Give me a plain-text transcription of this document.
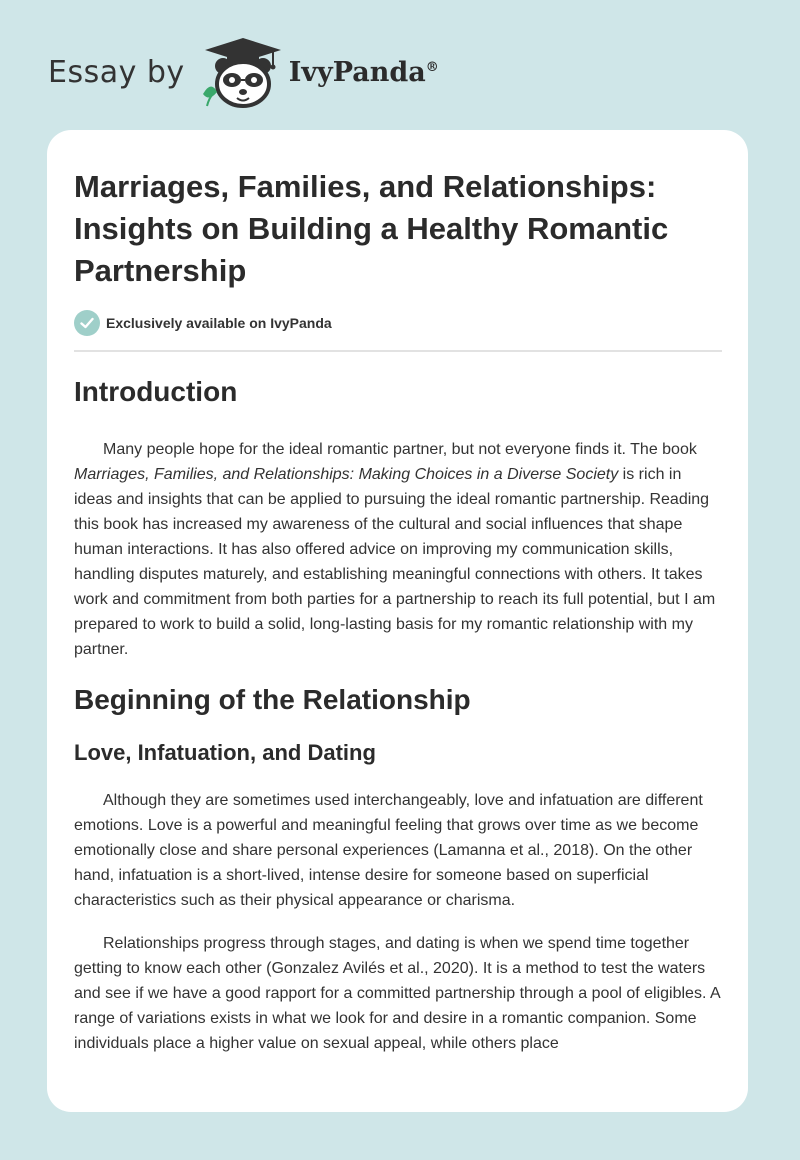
Essay by	IvyPanda®
Marriages, Families, and Relationships: Insights on Building a Healthy Romantic Partnership
Exclusively available on IvyPanda
Introduction

Many people hope for the ideal romantic partner, but not everyone finds it. The book Marriages, Families, and Relationships: Making Choices in a Diverse Society is rich in ideas and insights that can be applied to pursuing the ideal romantic partnership. Reading this book has increased my awareness of the cultural and social influences that shape human interactions. It has also offered advice on improving my communication skills, handling disputes maturely, and establishing meaningful connections with others. It takes work and commitment from both parties for a partnership to reach its full potential, but I am prepared to work to build a solid, long-lasting basis for my romantic relationship with my partner.

Beginning of the Relationship
Love, Infatuation, and Dating

Although they are sometimes used interchangeably, love and infatuation are different emotions. Love is a powerful and meaningful feeling that grows over time as we become emotionally close and share personal experiences (Lamanna et al., 2018). On the other hand, infatuation is a short-lived, intense desire for someone based on superficial characteristics such as their physical appearance or charisma.

Relationships progress through stages, and dating is when we spend time together getting to know each other (Gonzalez Avilés et al., 2020). It is a method to test the waters and see if we have a good rapport for a committed partnership through a pool of eligibles. A range of variations exists in what we look for and desire in a romantic companion. Some individuals place a higher value on sexual appeal, while others place
